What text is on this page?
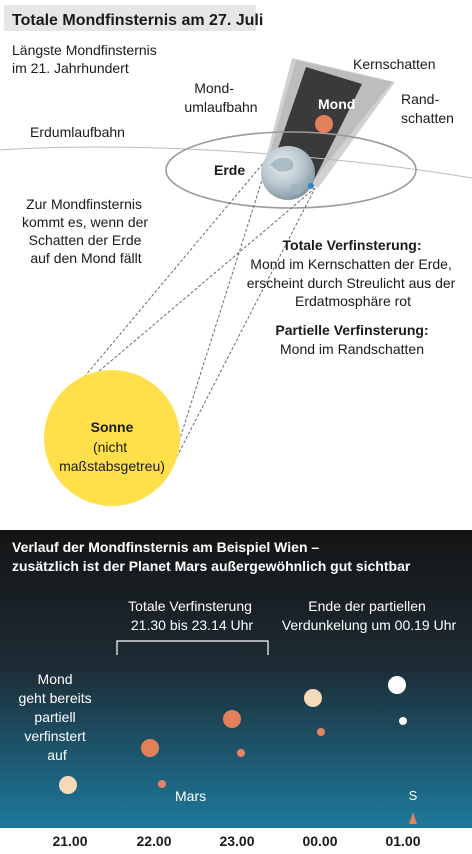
Totale Mondfinsternis am 27. Juli
Längste Mondfinsternis im 21. Jahrhundert	Kernschatten
Rand- schatten
Mond
Mond- umlaufbahn
Erdumlaufbahn
Erde
Zur Mondfinsternis kommt es, wenn der Schatten der Erde auf den Mond fällt
Totale Verfinsterung:
Mond im Kernschatten der Erde, erscheint durch Streulicht aus der Erdatmosphäre rot
Partielle Verfinsterung:
Mond im Randschatten
Sonne
(nicht maßstabsgetreu)
Verlauf der Mondfinsternis am Beispiel Wien – zusätzlich ist der Planet Mars außergewöhnlich gut sichtbar
Totale Verfinsterung 21.30 bis 23.14 Uhr
Ende der partiellen Verdunkelung um 00.19 Uhr
Mond geht bereits partiell verfinstert auf
Mars	S
21.00	22.00	23.00	00.00	01.00
